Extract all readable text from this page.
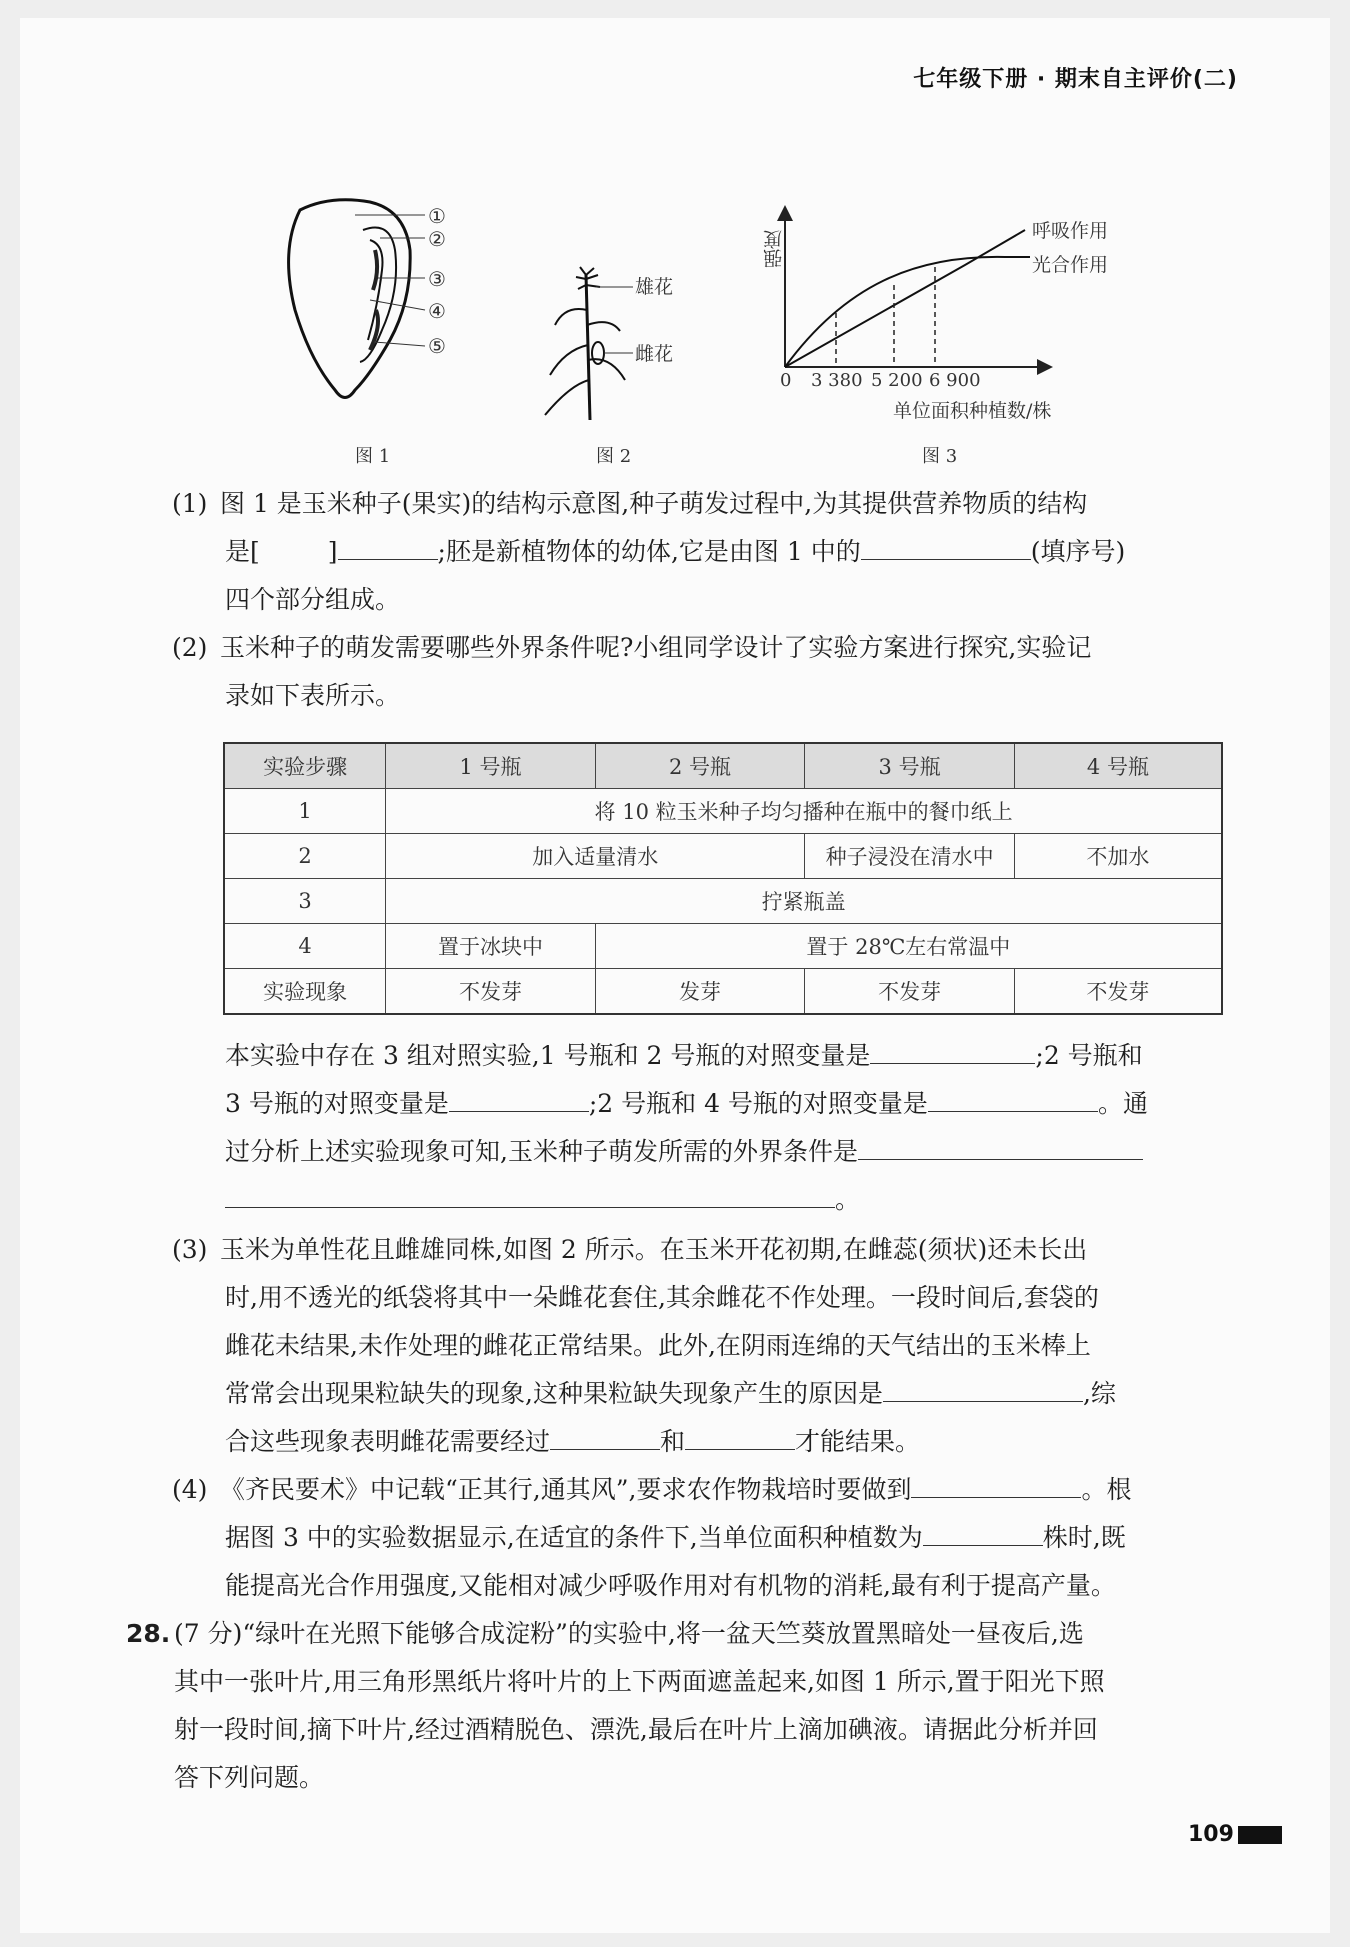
七年级下册 · 期末自主评价(二)
①
②
③
④
⑤
图 1
雄花
雌花
图 2
强度	呼吸作用
光合作用
0 3 380 5 200 6 900
单位面积种植数/株
图 3
(1) 图 1 是玉米种子(果实)的结构示意图,种子萌发过程中,为其提供营养物质的结构
是[	]	;胚是新植物体的幼体,它是由图 1 中的	(填序号)
四个部分组成。
(2) 玉米种子的萌发需要哪些外界条件呢?小组同学设计了实验方案进行探究,实验记
录如下表所示。
实验步骤	1 号瓶	2 号瓶	3 号瓶	4 号瓶
1	将 10 粒玉米种子均匀播种在瓶中的餐巾纸上			
2	加入适量清水		种子浸没在清水中	不加水
3	拧紧瓶盖			
4	置于冰块中	置于 28℃左右常温中		
实验现象	不发芽	发芽	不发芽	不发芽
本实验中存在 3 组对照实验,1 号瓶和 2 号瓶的对照变量是	;2 号瓶和
3 号瓶的对照变量是	;2 号瓶和 4 号瓶的对照变量是	。通
过分析上述实验现象可知,玉米种子萌发所需的外界条件是
。
(3) 玉米为单性花且雌雄同株,如图 2 所示。在玉米开花初期,在雌蕊(须状)还未长出
时,用不透光的纸袋将其中一朵雌花套住,其余雌花不作处理。一段时间后,套袋的
雌花未结果,未作处理的雌花正常结果。此外,在阴雨连绵的天气结出的玉米棒上
常常会出现果粒缺失的现象,这种果粒缺失现象产生的原因是	,综
合这些现象表明雌花需要经过	和	才能结果。
(4) 《齐民要术》中记载“正其行,通其风”,要求农作物栽培时要做到	。根
据图 3 中的实验数据显示,在适宜的条件下,当单位面积种植数为	株时,既
能提高光合作用强度,又能相对减少呼吸作用对有机物的消耗,最有利于提高产量。
28. (7 分)“绿叶在光照下能够合成淀粉”的实验中,将一盆天竺葵放置黑暗处一昼夜后,选
其中一张叶片,用三角形黑纸片将叶片的上下两面遮盖起来,如图 1 所示,置于阳光下照
射一段时间,摘下叶片,经过酒精脱色、漂洗,最后在叶片上滴加碘液。请据此分析并回
答下列问题。
109
